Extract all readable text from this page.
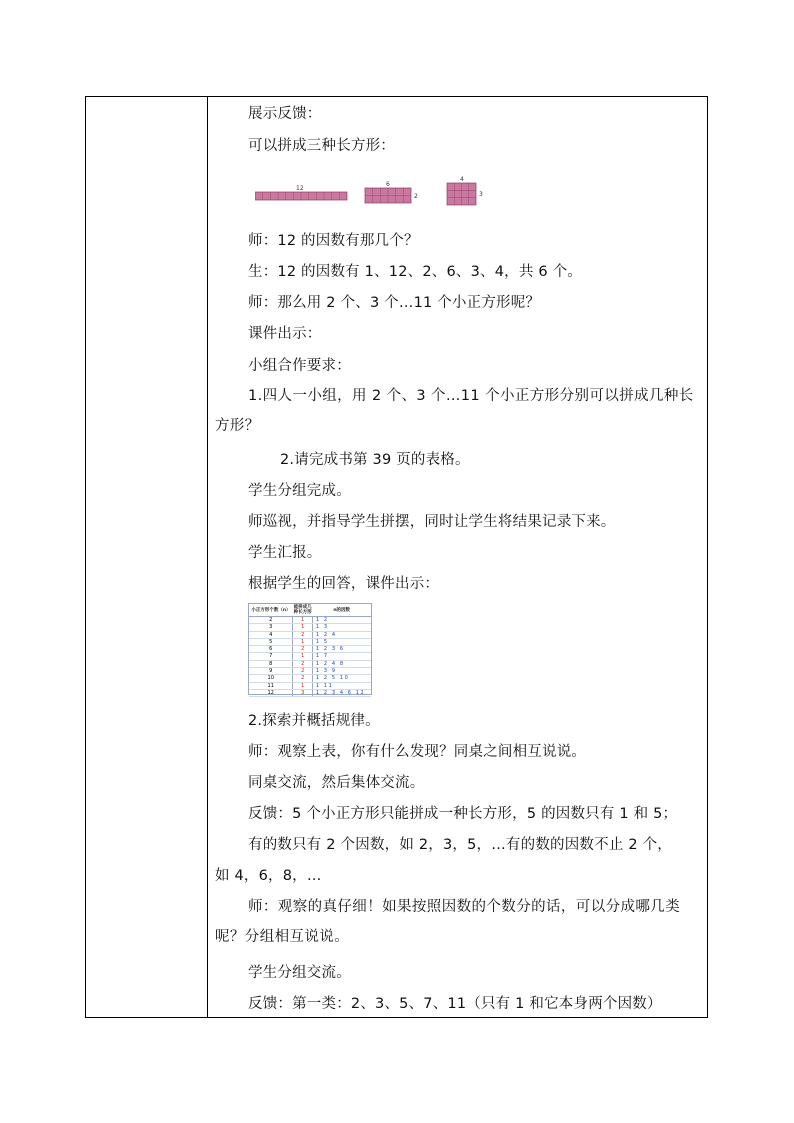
展示反馈：
可以拼成三种长方形：
12
6
2
4
3
师：12 的因数有那几个？
生：12 的因数有 1、12、2、6、3、4，共 6 个。
师：那么用 2 个、3 个…11 个小正方形呢？
课件出示：
小组合作要求：
1.四人一小组，用 2 个、3 个…11 个小正方形分别可以拼成几种长方形？
2.请完成书第 39 页的表格。
学生分组完成。
师巡视，并指导学生拼摆，同时让学生将结果记录下来。
学生汇报。
根据学生的回答，课件出示：
小正方形个数（n）	能拼成几种长方形	n的因数
2	1	1 2
3	1	1 3
4	2	1 2 4
5	1	1 5
6	2	1 2 3 6
7	1	1 7
8	2	1 2 4 8
9	2	1 3 9
10	2	1 2 5 10
11	1	1 11
12	3	1 2 3 4 6 12
2.探索并概括规律。
师：观察上表，你有什么发现？同桌之间相互说说。
同桌交流，然后集体交流。
反馈：5 个小正方形只能拼成一种长方形，5 的因数只有 1 和 5；
有的数只有 2 个因数，如 2，3，5，…有的数的因数不止 2 个，
如 4，6，8，…
师：观察的真仔细！如果按照因数的个数分的话，可以分成哪几类呢？分组相互说说。
学生分组交流。
反馈：第一类：2、3、5、7、11（只有 1 和它本身两个因数）
